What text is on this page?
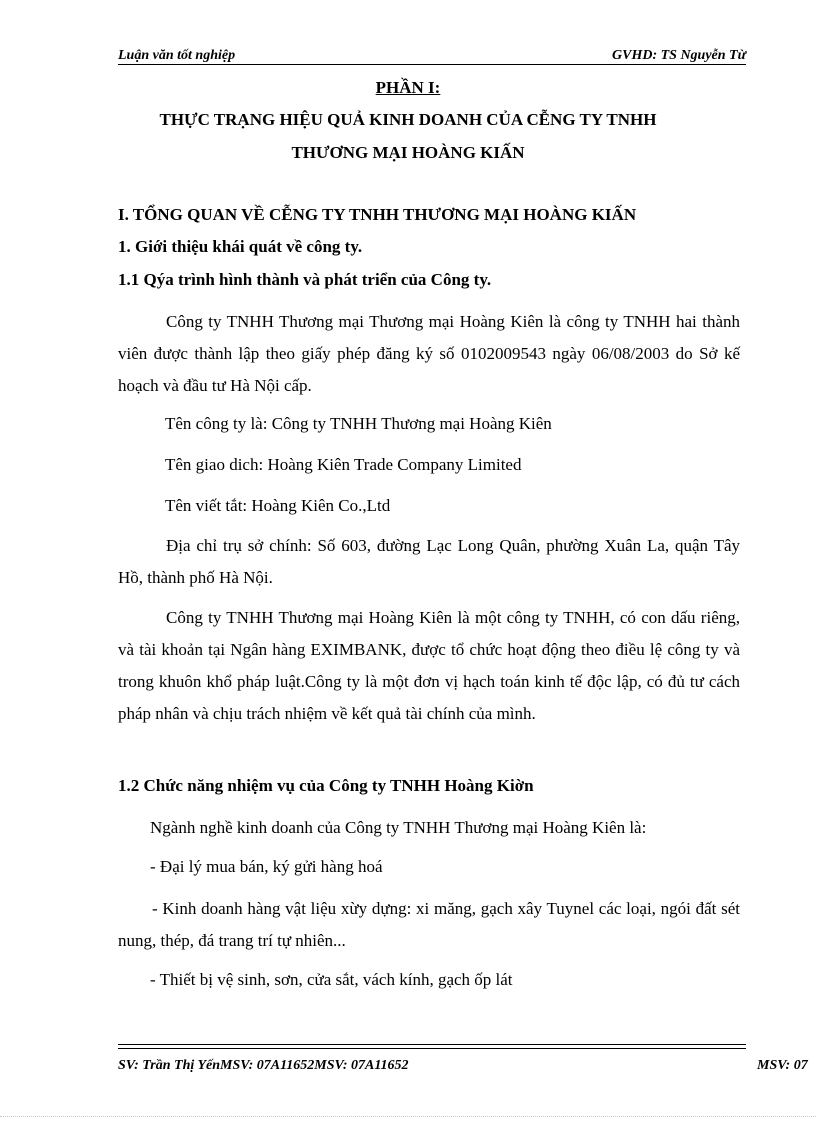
Luận văn tốt nghiệp	GVHD: TS Nguyễn Từ
PHẦN I:
THỰC TRẠNG HIỆU QUẢ KINH DOANH CỦA CỄNG TY TNHH
THƯƠNG MẠI HOÀNG KIẤN
I. TỔNG QUAN VỀ CỄNG TY TNHH THƯƠNG MẠI HOÀNG KIẤN
1. Giới thiệu khái quát về công ty.
1.1 Qýa trình hình thành và phát triển của Công ty.
Công ty TNHH Thương mại Thương mại Hoàng Kiên là công ty TNHH hai thành viên được thành lập theo giấy phép đăng ký số 0102009543 ngày 06/08/2003 do Sở kế hoạch và đầu tư Hà Nội cấp.
Tên công ty là: Công ty TNHH Thương mại Hoàng Kiên
Tên giao dich: Hoàng Kiên Trade Company Limited
Tên viết tắt: Hoàng Kiên Co.,Ltd
Địa chỉ trụ sở chính: Số 603, đường Lạc Long Quân, phường Xuân La, quận Tây Hồ, thành phố Hà Nội.
Công ty TNHH Thương mại Hoàng Kiên là một công ty TNHH, có con dấu riêng, và tài khoản tại Ngân hàng EXIMBANK, được tổ chức hoạt động theo điều lệ công ty và trong khuôn khổ pháp luật.Công ty là một đơn vị hạch toán kinh tế độc lập, có đủ tư cách pháp nhân và chịu trách nhiệm về kết quả tài chính của mình.
1.2 Chức năng nhiệm vụ của Công ty TNHH Hoàng Kiờn
Ngành nghề kinh doanh của Công ty TNHH Thương mại Hoàng Kiên là:
- Đại lý mua bán, ký gửi hàng hoá
- Kinh doanh hàng vật liệu xừy dựng: xi măng, gạch xây Tuynel các loại, ngói đất sét nung, thép, đá trang trí tự nhiên...
- Thiết bị vệ sinh, sơn, cửa sắt, vách kính, gạch ốp lát
SV: Trần Thị YếnMSV: 07A11652MSV: 07A11652	MSV: 07
